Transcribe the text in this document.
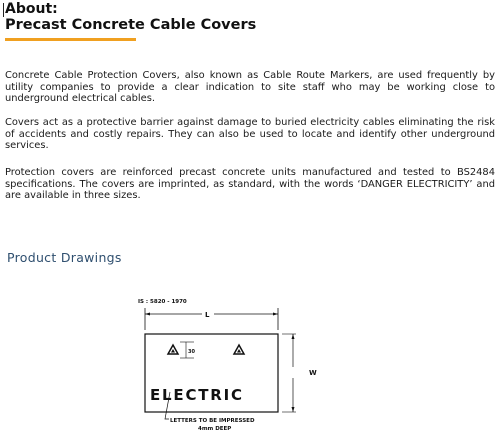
About:
Precast Concrete Cable Covers

Concrete Cable Protection Covers, also known as Cable Route Markers, are used frequently by utility companies to provide a clear indication to site staff who may be working close to underground electrical cables.

Covers act as a protective barrier against damage to buried electricity cables eliminating the risk of accidents and costly repairs. They can also be used to locate and identify other underground services.

Protection covers are reinforced precast concrete units manufactured and tested to BS2484 specifications. The covers are imprinted, as standard, with the words ‘DANGER ELECTRICITY’ and are available in three sizes.

Product Drawings
IS : 5820 - 1970
L
30
ELECTRIC
W
LETTERS TO BE IMPRESSED
4mm DEEP
